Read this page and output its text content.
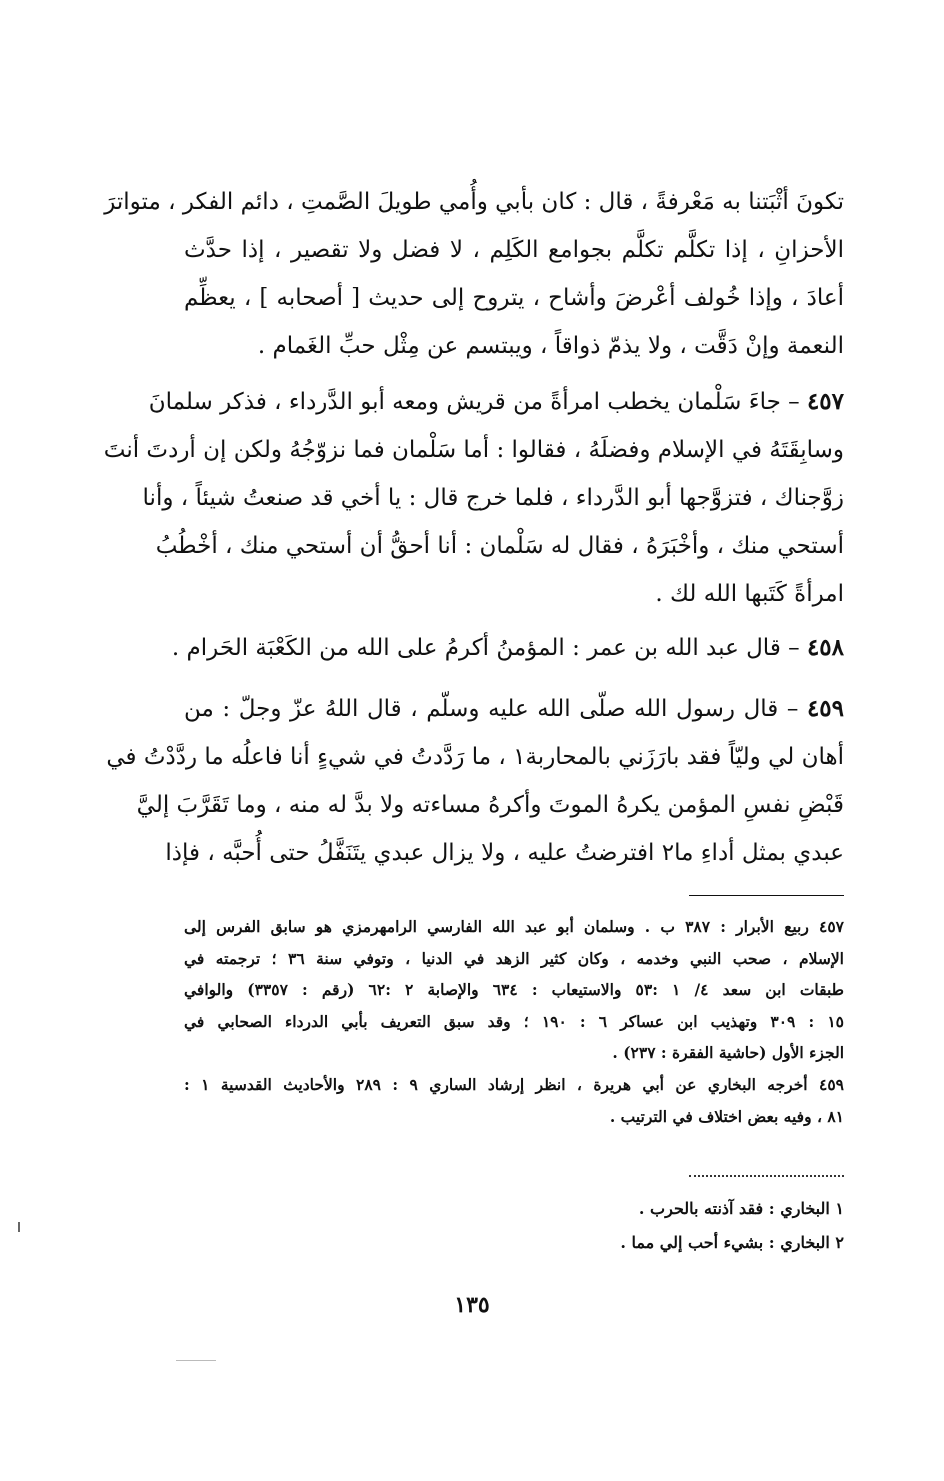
تكونَ أثْبَتنا به مَعْرفةً ، قال : كان بأبي وأُمي طويلَ الصَّمتِ ، دائم الفكر ، متواترَ
الأحزانِ ، إذا تكلَّم تكلَّم بجوامع الكَلِم ، لا فضل ولا تقصير ، إذا حدَّث
أعادَ ، وإذا خُولف أعْرضَ وأشاح ، يتروح إلى حديث [ أصحابه ] ، يعظِّم
النعمة وإنْ دَقَّت ، ولا يذمّ ذواقاً ، ويبتسم عن مِثْل حبِّ الغَمام .
٤٥٧ – جاءَ سَلْمان يخطب امرأةً من قريش ومعه أبو الدَّرداء ، فذكر سلمانَ
وسابِقَتَهُ في الإسلام وفضلَهُ ، فقالوا : أما سَلْمان فما نزوّجُهُ ولكن إن أردتَ أنتَ
زوَّجناك ، فتزوَّجها أبو الدَّرداء ، فلما خرج قال : يا أخي قد صنعتُ شيئاً ، وأنا
أستحي منك ، وأخْبَرَهُ ، فقال له سَلْمان : أنا أحقُّ أن أستحي منك ، أخْطُبُ
امرأةً كَتَبها الله لك .
٤٥٨ – قال عبد الله بن عمر : المؤمنُ أكرمُ على الله من الكَعْبَة الحَرام .
٤٥٩ – قال رسول الله صلّى الله عليه وسلّم ، قال اللهُ عزّ وجلّ : من
أهان لي وليّاً فقد بارَزَني بالمحاربة١ ، ما رَدَّدتُ في شيءٍ أنا فاعلُه ما ردَّدْتُ في
قَبْضِ نفسِ المؤمن يكرهُ الموتَ وأكرهُ مساءته ولا بدَّ له منه ، وما تَقَرَّبَ إليَّ
عبدي بمثل أداءِ ما٢ افترضتُ عليه ، ولا يزال عبدي يتَنَفَّلُ حتى أُحبَّه ، فإذا
٤٥٧ ربيع الأبرار : ٣٨٧ ب . وسلمان أبو عبد الله الفارسي الرامهرمزي هو سابق الفرس إلى
الإسلام ، صحب النبي وخدمه ، وكان كثير الزهد في الدنيا ، وتوفي سنة ٣٦ ؛ ترجمته في
طبقات ابن سعد ٤/ ١ :٥٣ والاستيعاب : ٦٣٤ والإصابة ٢ :٦٢ (رقم : ٣٣٥٧) والوافي
١٥ : ٣٠٩ وتهذيب ابن عساكر ٦ : ١٩٠ ؛ وقد سبق التعريف بأبي الدرداء الصحابي في
الجزء الأول (حاشية الفقرة : ٢٣٧) .
٤٥٩ أخرجه البخاري عن أبي هريرة ، انظر إرشاد الساري ٩ : ٢٨٩ والأحاديث القدسية ١ :
٨١ ، وفيه بعض اختلاف في الترتيب .
١ البخاري : فقد آذنته بالحرب .
٢ البخاري : بشيء أحب إلي مما .
١٣٥
